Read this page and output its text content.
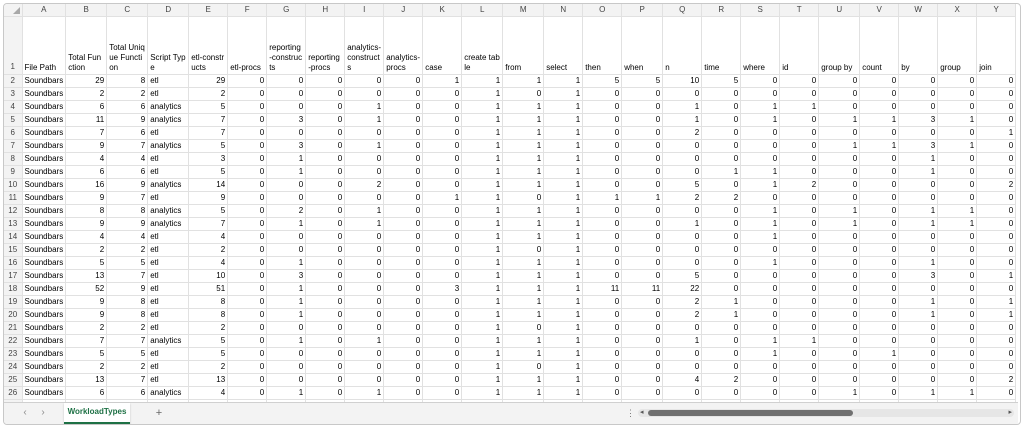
	A	B	C	D	E	F	G	H	I	J	K	L	M	N	O	P	Q	R	S	T	U	V	W	X	Y
1	File Path	Total Function	Total Unique Function	Script Type	etl-constructs	etl-procs	reporting-constructs	reporting-procs	analytics-constructs	analytics-procs	case	create table	from	select	then	when	n	time	where	id	group by	count	by	group	join
2	Soundbars	29	8	etl	29	0	0	0	0	0	1	1	1	1	5	5	10	5	0	0	0	0	0	0	0
3	Soundbars	2	2	etl	2	0	0	0	0	0	0	1	0	1	0	0	0	0	0	0	0	0	0	0	0
4	Soundbars	6	6	analytics	5	0	0	0	1	0	0	1	1	1	0	0	1	0	1	1	0	0	0	0	0
5	Soundbars	11	9	analytics	7	0	3	0	1	0	0	1	1	1	0	0	1	0	1	0	1	1	3	1	0
6	Soundbars	7	6	etl	7	0	0	0	0	0	0	1	1	1	0	0	2	0	0	0	0	0	0	0	1
7	Soundbars	9	7	analytics	5	0	3	0	1	0	0	1	1	1	0	0	0	0	0	0	1	1	3	1	0
8	Soundbars	4	4	etl	3	0	1	0	0	0	0	1	1	1	0	0	0	0	0	0	0	0	1	0	0
9	Soundbars	6	6	etl	5	0	1	0	0	0	0	1	1	1	0	0	0	1	1	0	0	0	1	0	0
10	Soundbars	16	9	analytics	14	0	0	0	2	0	0	1	1	1	0	0	5	0	1	2	0	0	0	0	2
11	Soundbars	9	7	etl	9	0	0	0	0	0	1	1	0	1	1	1	2	2	0	0	0	0	0	0	0
12	Soundbars	8	8	analytics	5	0	2	0	1	0	0	1	1	1	0	0	0	0	1	0	1	0	1	1	0
13	Soundbars	9	9	analytics	7	0	1	0	1	0	0	1	1	1	0	0	1	0	1	0	1	0	1	1	0
14	Soundbars	4	4	etl	4	0	0	0	0	0	0	1	1	1	0	0	0	0	1	0	0	0	0	0	0
15	Soundbars	2	2	etl	2	0	0	0	0	0	0	1	0	1	0	0	0	0	0	0	0	0	0	0	0
16	Soundbars	5	5	etl	4	0	1	0	0	0	0	1	1	1	0	0	0	0	1	0	0	0	1	0	0
17	Soundbars	13	7	etl	10	0	3	0	0	0	0	1	1	1	0	0	5	0	0	0	0	0	3	0	1
18	Soundbars	52	9	etl	51	0	1	0	0	0	3	1	1	1	11	11	22	0	0	0	0	0	0	0	0
19	Soundbars	9	8	etl	8	0	1	0	0	0	0	1	1	1	0	0	2	1	0	0	0	0	1	0	1
20	Soundbars	9	8	etl	8	0	1	0	0	0	0	1	1	1	0	0	2	1	0	0	0	0	1	0	1
21	Soundbars	2	2	etl	2	0	0	0	0	0	0	1	0	1	0	0	0	0	0	0	0	0	0	0	0
22	Soundbars	7	7	analytics	5	0	1	0	1	0	0	1	1	1	0	0	1	0	1	1	0	0	0	0	0
23	Soundbars	5	5	etl	5	0	0	0	0	0	0	1	1	1	0	0	0	0	1	0	0	1	0	0	0
24	Soundbars	2	2	etl	2	0	0	0	0	0	0	1	0	1	0	0	0	0	0	0	0	0	0	0	0
25	Soundbars	13	7	etl	13	0	0	0	0	0	0	1	1	1	0	0	4	2	0	0	0	0	0	0	2
26	Soundbars	6	6	analytics	4	0	1	0	1	0	0	1	1	1	0	0	0	0	0	0	1	0	1	1	0

‹	›	WorkloadTypes	+	⋮ ◂	▸
